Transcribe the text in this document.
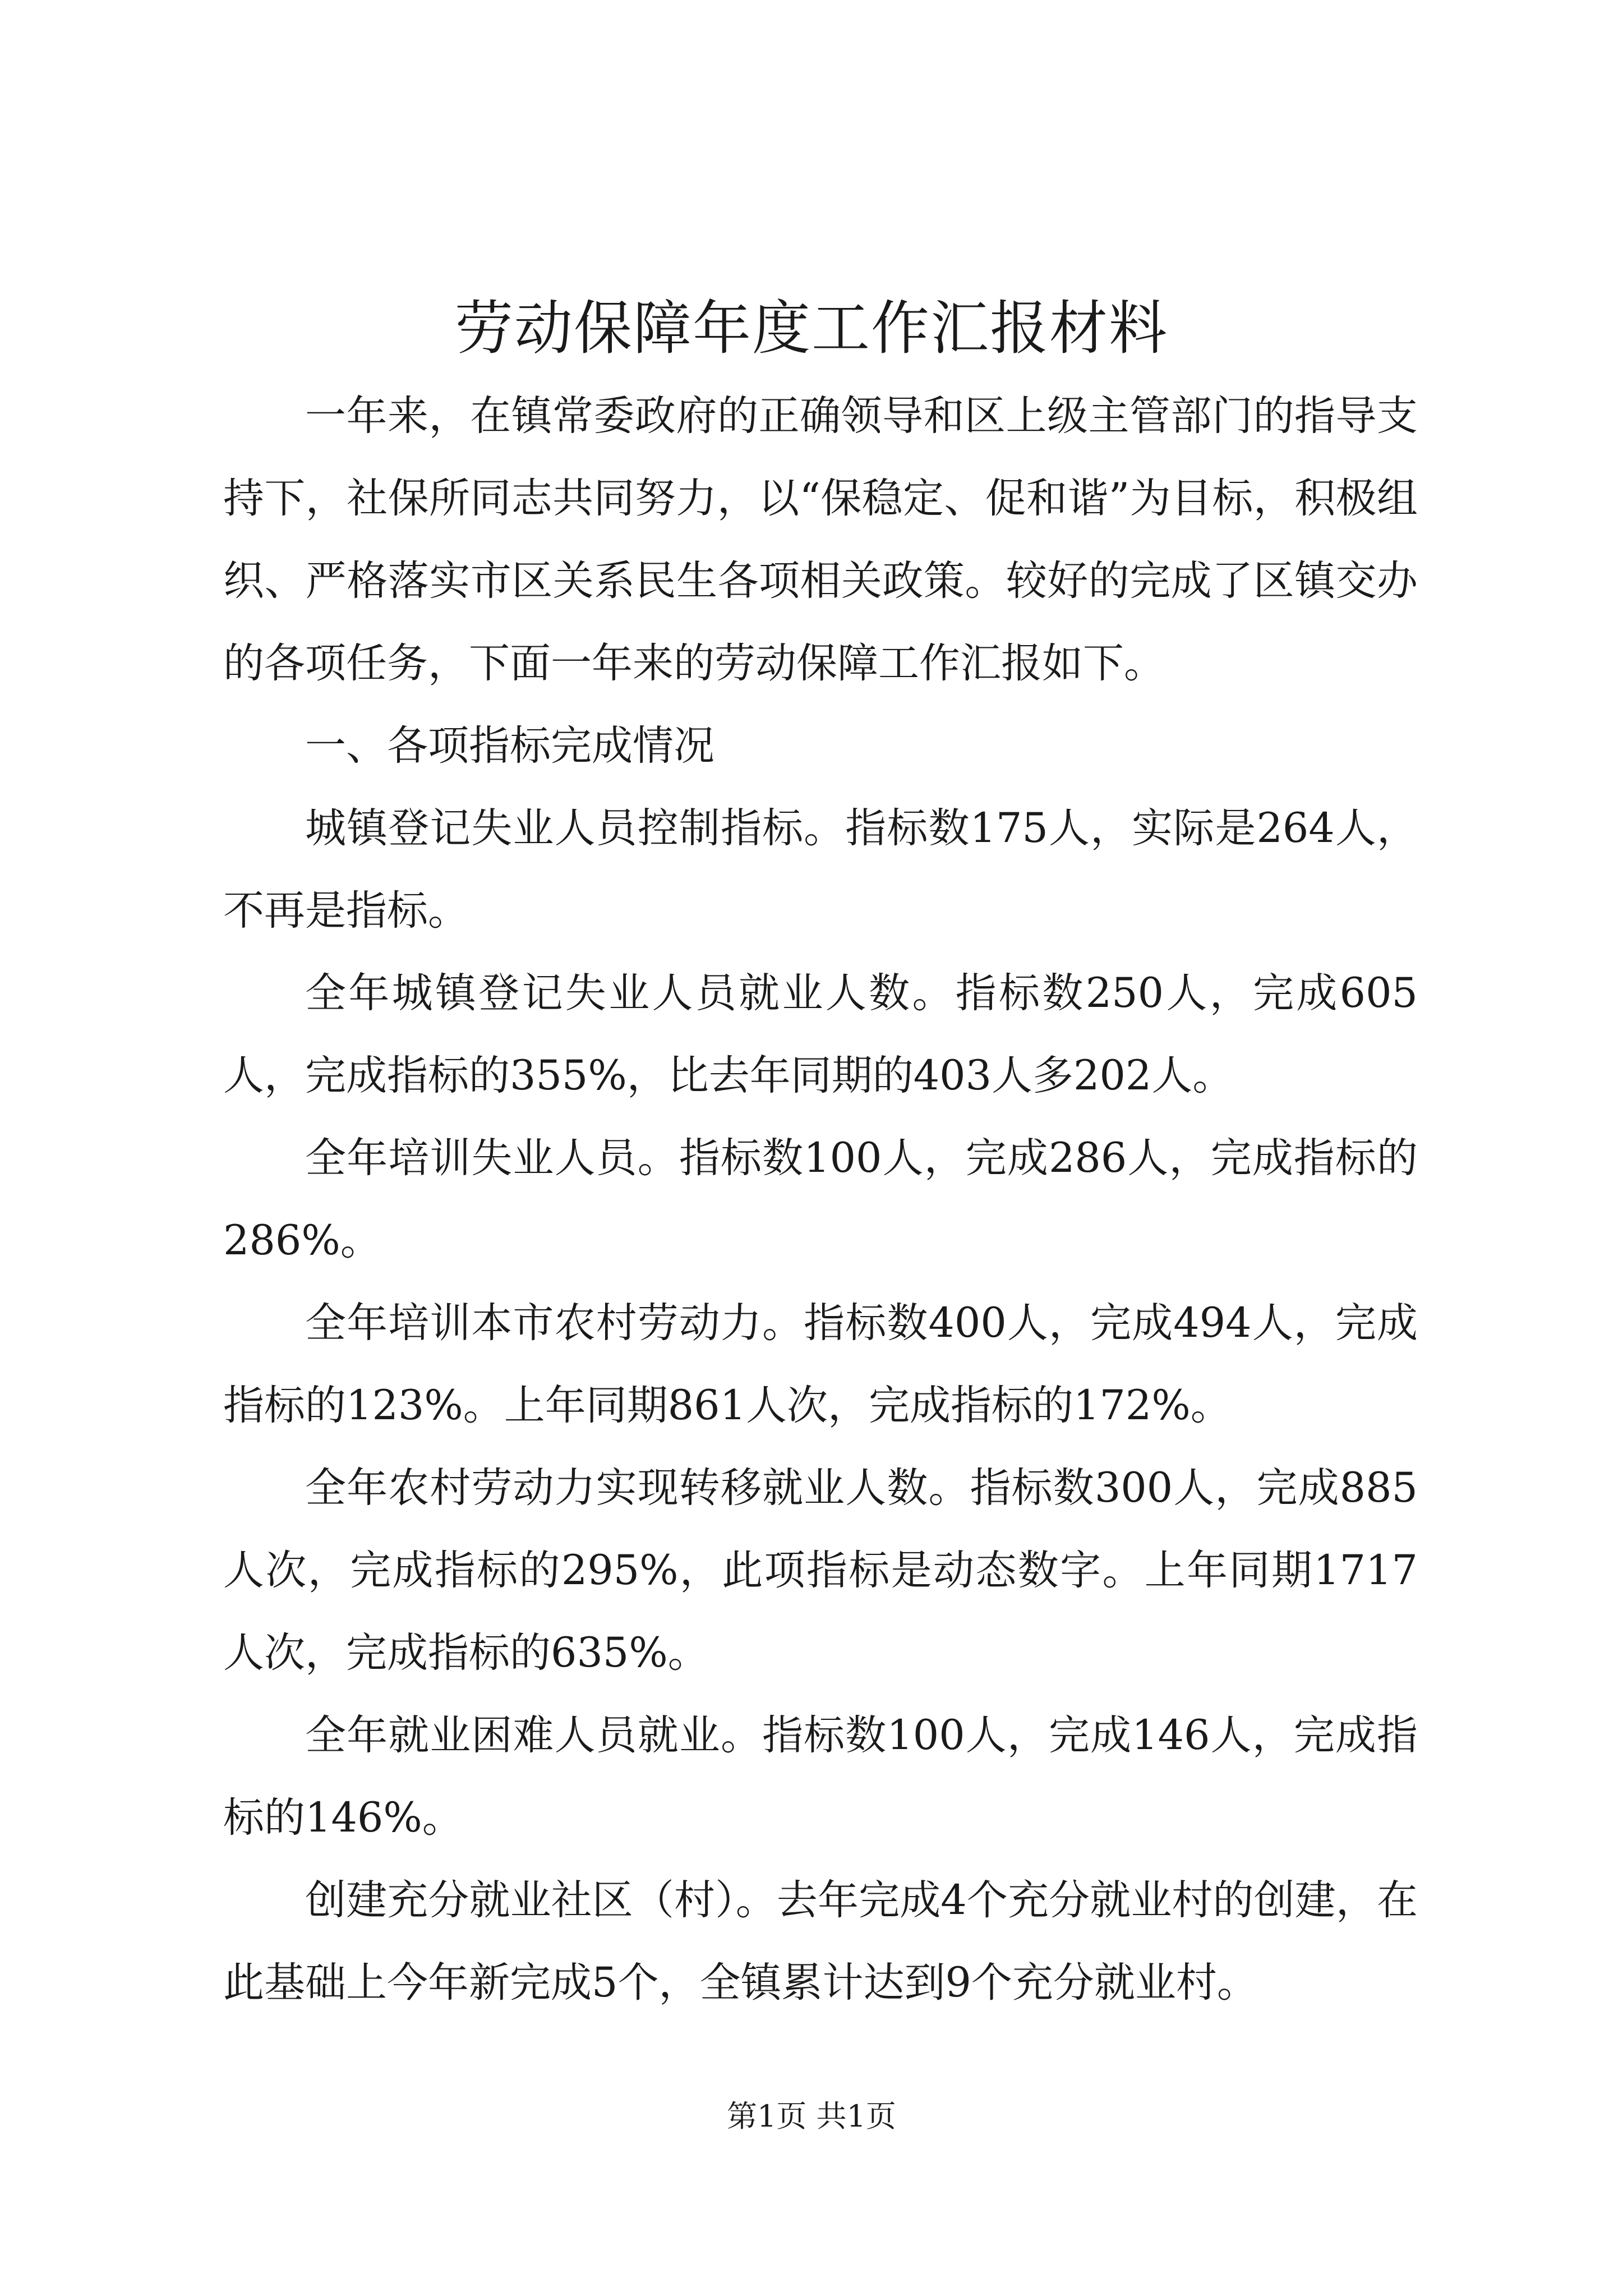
劳动保障年度工作汇报材料

一年来，在镇常委政府的正确领导和区上级主管部门的指导支持下，社保所同志共同努力，以“保稳定、促和谐”为目标，积极组织、严格落实市区关系民生各项相关政策。较好的完成了区镇交办的各项任务，下面一年来的劳动保障工作汇报如下。

一、各项指标完成情况

城镇登记失业人员控制指标。指标数175人，实际是264人，不再是指标。

全年城镇登记失业人员就业人数。指标数250人，完成605人，完成指标的355%，比去年同期的403人多202人。

全年培训失业人员。指标数100人，完成286人，完成指标的286%。

全年培训本市农村劳动力。指标数400人，完成494人，完成指标的123%。上年同期861人次，完成指标的172%。

全年农村劳动力实现转移就业人数。指标数300人，完成885人次，完成指标的295%，此项指标是动态数字。上年同期1717人次，完成指标的635%。

全年就业困难人员就业。指标数100人，完成146人，完成指标的146%。

创建充分就业社区（村）。去年完成4个充分就业村的创建，在此基础上今年新完成5个，全镇累计达到9个充分就业村。

第1页 共1页
